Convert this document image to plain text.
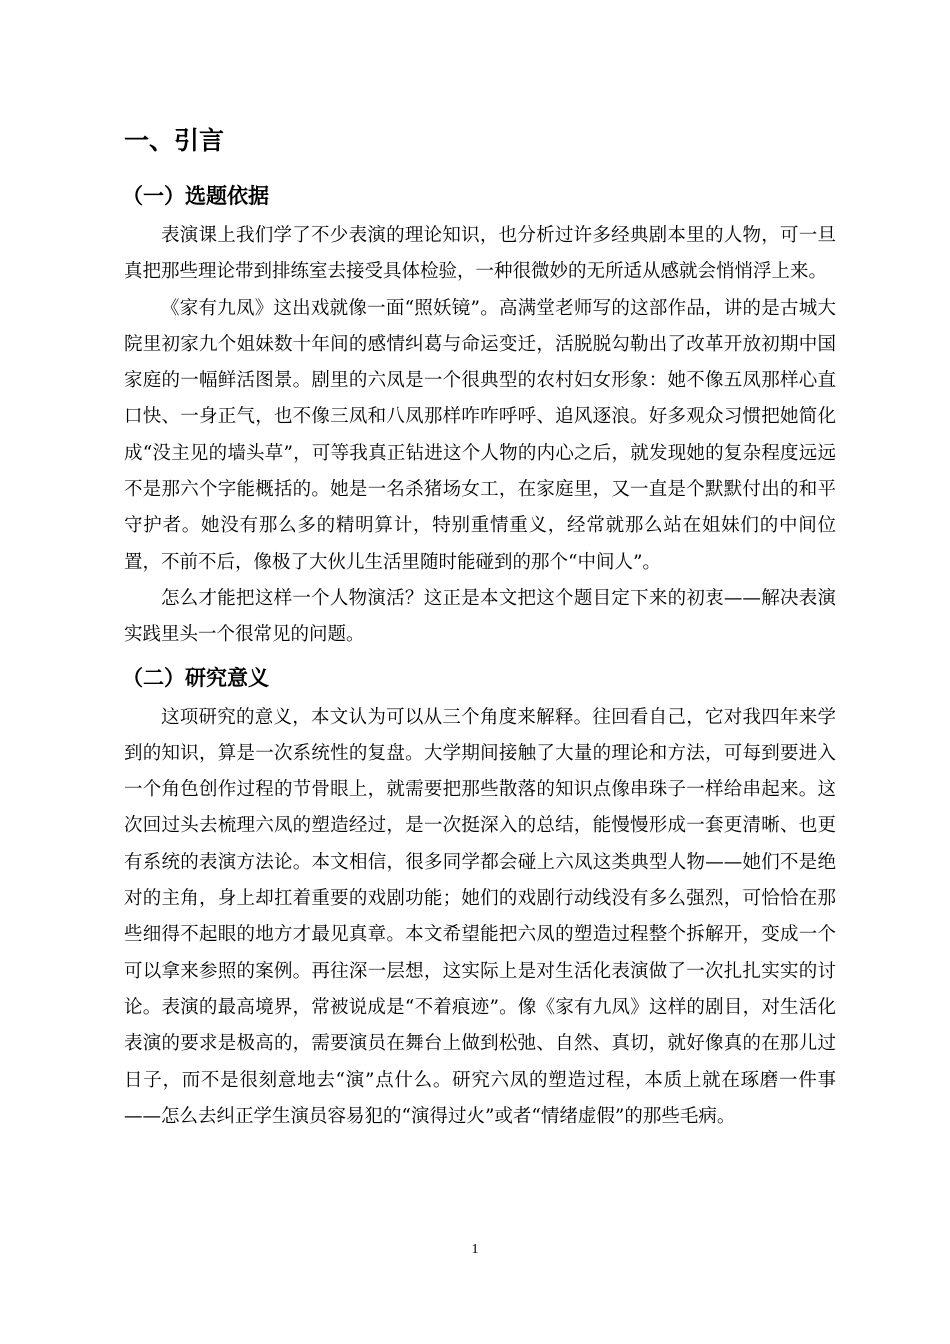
一、引言
（一）选题依据

表演课上我们学了不少表演的理论知识，也分析过许多经典剧本里的人物，可一旦真把那些理论带到排练室去接受具体检验，一种很微妙的无所适从感就会悄悄浮上来。

《家有九凤》这出戏就像一面“照妖镜”。高满堂老师写的这部作品，讲的是古城大院里初家九个姐妹数十年间的感情纠葛与命运变迁，活脱脱勾勒出了改革开放初期中国家庭的一幅鲜活图景。剧里的六凤是一个很典型的农村妇女形象：她不像五凤那样心直口快、一身正气，也不像三凤和八凤那样咋咋呼呼、追风逐浪。好多观众习惯把她简化成“没主见的墙头草”，可等我真正钻进这个人物的内心之后，就发现她的复杂程度远远不是那六个字能概括的。她是一名杀猪场女工，在家庭里，又一直是个默默付出的和平守护者。她没有那么多的精明算计，特别重情重义，经常就那么站在姐妹们的中间位置，不前不后，像极了大伙儿生活里随时能碰到的那个“中间人”。

怎么才能把这样一个人物演活？这正是本文把这个题目定下来的初衷——解决表演实践里头一个很常见的问题。

（二）研究意义

这项研究的意义，本文认为可以从三个角度来解释。往回看自己，它对我四年来学到的知识，算是一次系统性的复盘。大学期间接触了大量的理论和方法，可每到要进入一个角色创作过程的节骨眼上，就需要把那些散落的知识点像串珠子一样给串起来。这次回过头去梳理六凤的塑造经过，是一次挺深入的总结，能慢慢形成一套更清晰、也更有系统的表演方法论。本文相信，很多同学都会碰上六凤这类典型人物——她们不是绝对的主角，身上却扛着重要的戏剧功能；她们的戏剧行动线没有多么强烈，可恰恰在那些细得不起眼的地方才最见真章。本文希望能把六凤的塑造过程整个拆解开，变成一个可以拿来参照的案例。再往深一层想，这实际上是对生活化表演做了一次扎扎实实的讨论。表演的最高境界，常被说成是“不着痕迹”。像《家有九凤》这样的剧目，对生活化表演的要求是极高的，需要演员在舞台上做到松弛、自然、真切，就好像真的在那儿过日子，而不是很刻意地去“演”点什么。研究六凤的塑造过程，本质上就在琢磨一件事——怎么去纠正学生演员容易犯的“演得过火”或者“情绪虚假”的那些毛病。

1
